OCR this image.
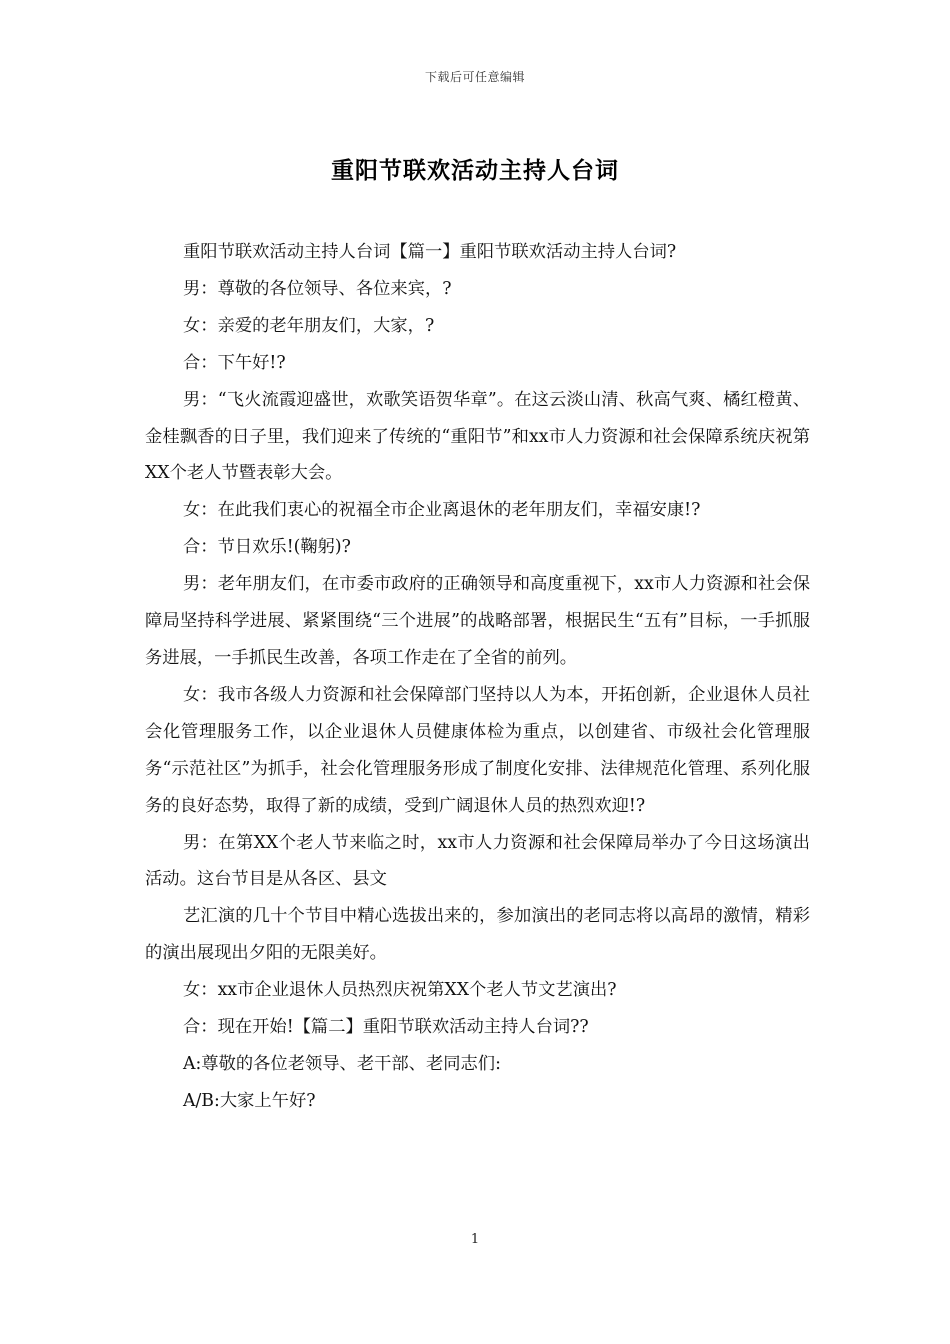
下载后可任意编辑
重阳节联欢活动主持人台词

重阳节联欢活动主持人台词【篇一】重阳节联欢活动主持人台词?

男：尊敬的各位领导、各位来宾，?

女：亲爱的老年朋友们，大家，?

合：下午好!?

男：“飞火流霞迎盛世，欢歌笑语贺华章”。在这云淡山清、秋高气爽、橘红橙黄、金桂飘香的日子里，我们迎来了传统的“重阳节”和xx市人力资源和社会保障系统庆祝第XX个老人节暨表彰大会。

女：在此我们衷心的祝福全市企业离退休的老年朋友们，幸福安康!?

合：节日欢乐!(鞠躬)?

男：老年朋友们，在市委市政府的正确领导和高度重视下，xx市人力资源和社会保障局坚持科学进展、紧紧围绕“三个进展”的战略部署，根据民生“五有”目标，一手抓服务进展，一手抓民生改善，各项工作走在了全省的前列。

女：我市各级人力资源和社会保障部门坚持以人为本，开拓创新，企业退休人员社会化管理服务工作，以企业退休人员健康体检为重点，以创建省、市级社会化管理服务“示范社区”为抓手，社会化管理服务形成了制度化安排、法律规范化管理、系列化服务的良好态势，取得了新的成绩，受到广阔退休人员的热烈欢迎!?

男：在第XX个老人节来临之时，xx市人力资源和社会保障局举办了今日这场演出活动。这台节目是从各区、县文

艺汇演的几十个节目中精心选拔出来的，参加演出的老同志将以高昂的激情，精彩的演出展现出夕阳的无限美好。

女：xx市企业退休人员热烈庆祝第XX个老人节文艺演出?

合：现在开始!【篇二】重阳节联欢活动主持人台词??

A:尊敬的各位老领导、老干部、老同志们:

A/B:大家上午好?

1
